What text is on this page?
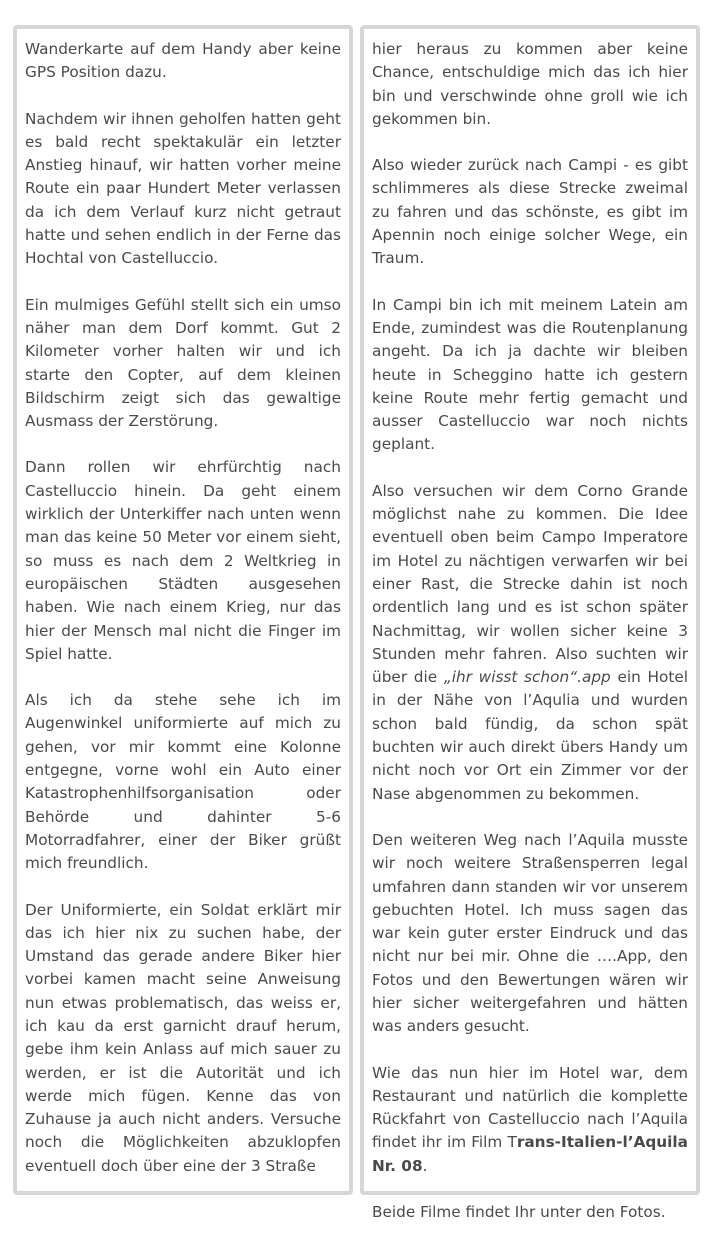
Wanderkarte auf dem Handy aber keine GPS Position dazu.

Nachdem wir ihnen geholfen hatten geht es bald recht spektakulär ein letzter Anstieg hinauf, wir hatten vorher meine Route ein paar Hundert Meter verlassen da ich dem Verlauf kurz nicht getraut hatte und sehen endlich in der Ferne das Hochtal von Castelluccio.

Ein mulmiges Gefühl stellt sich ein umso näher man dem Dorf kommt. Gut 2 Kilometer vorher halten wir und ich starte den Copter, auf dem kleinen Bildschirm zeigt sich das gewaltige Ausmass der Zerstörung.

Dann rollen wir ehrfürchtig nach Castelluccio hinein. Da geht einem wirklich der Unterkiffer nach unten wenn man das keine 50 Meter vor einem sieht, so muss es nach dem 2 Weltkrieg in europäischen Städten ausgesehen haben. Wie nach einem Krieg, nur das hier der Mensch mal nicht die Finger im Spiel hatte.

Als ich da stehe sehe ich im Augenwinkel uniformierte auf mich zu gehen, vor mir kommt eine Kolonne entgegne, vorne wohl ein Auto einer Katastrophenhilfsorganisation oder Behörde und dahinter 5-6 Motorradfahrer, einer der Biker grüßt mich freundlich.

Der Uniformierte, ein Soldat erklärt mir das ich hier nix zu suchen habe, der Umstand das gerade andere Biker hier vorbei kamen macht seine Anweisung nun etwas problematisch, das weiss er, ich kau da erst garnicht drauf herum, gebe ihm kein Anlass auf mich sauer zu werden, er ist die Autorität und ich werde mich fügen. Kenne das von Zuhause ja auch nicht anders. Versuche noch die Möglichkeiten abzuklopfen eventuell doch über eine der 3 Straße

hier heraus zu kommen aber keine Chance, entschuldige mich das ich hier bin und verschwinde ohne groll wie ich gekommen bin.

Also wieder zurück nach Campi - es gibt schlimmeres als diese Strecke zweimal zu fahren und das schönste, es gibt im Apennin noch einige solcher Wege, ein Traum.

In Campi bin ich mit meinem Latein am Ende, zumindest was die Routenplanung angeht. Da ich ja dachte wir bleiben heute in Scheggino hatte ich gestern keine Route mehr fertig gemacht und ausser Castelluccio war noch nichts geplant.

Also versuchen wir dem Corno Grande möglichst nahe zu kommen. Die Idee eventuell oben beim Campo Imperatore im Hotel zu nächtigen verwarfen wir bei einer Rast, die Strecke dahin ist noch ordentlich lang und es ist schon später Nachmittag, wir wollen sicher keine 3 Stunden mehr fahren. Also suchten wir über die „ihr wisst schon“.app ein Hotel in der Nähe von l’Aqulia und wurden schon bald fündig, da schon spät buchten wir auch direkt übers Handy um nicht noch vor Ort ein Zimmer vor der Nase abgenommen zu bekommen.

Den weiteren Weg nach l’Aquila musste wir noch weitere Straßensperren legal umfahren dann standen wir vor unserem gebuchten Hotel. Ich muss sagen das war kein guter erster Eindruck und das nicht nur bei mir. Ohne die ….App, den Fotos und den Bewertungen wären wir hier sicher weitergefahren und hätten was anders gesucht.

Wie das nun hier im Hotel war, dem Restaurant und natürlich die komplette Rückfahrt von Castelluccio nach l’Aquila findet ihr im Film Trans-Italien-l’Aquila Nr. 08.

Beide Filme findet Ihr unter den Fotos.
